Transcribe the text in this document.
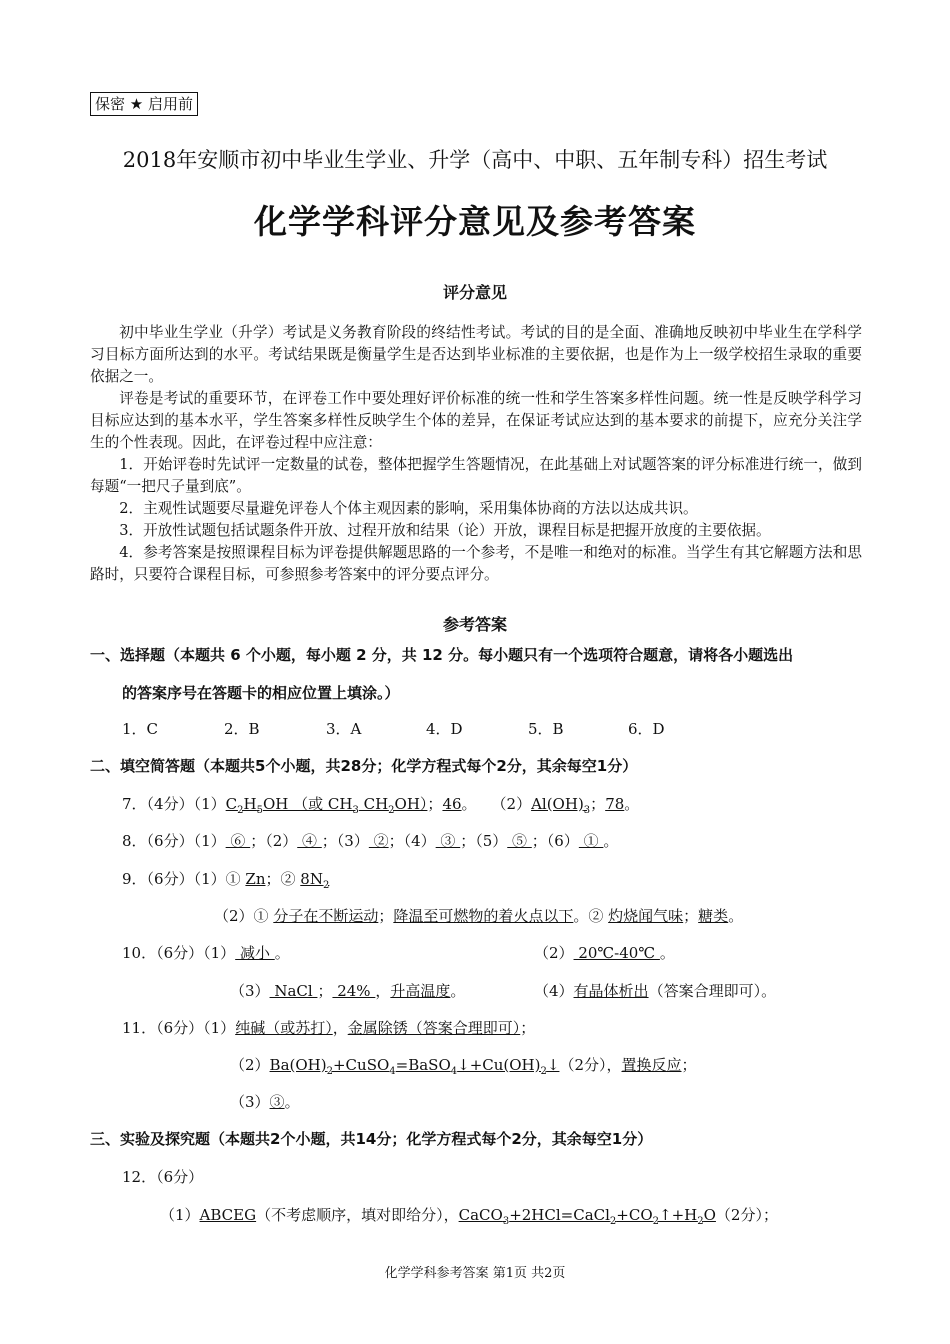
保密 ★ 启用前
2018年安顺市初中毕业生学业、升学（高中、中职、五年制专科）招生考试
化学学科评分意见及参考答案
评分意见

初中毕业生学业（升学）考试是义务教育阶段的终结性考试。考试的目的是全面、准确地反映初中毕业生在学科学习目标方面所达到的水平。考试结果既是衡量学生是否达到毕业标准的主要依据，也是作为上一级学校招生录取的重要依据之一。

评卷是考试的重要环节，在评卷工作中要处理好评价标准的统一性和学生答案多样性问题。统一性是反映学科学习目标应达到的基本水平，学生答案多样性反映学生个体的差异，在保证考试应达到的基本要求的前提下，应充分关注学生的个性表现。因此，在评卷过程中应注意：

1．开始评卷时先试评一定数量的试卷，整体把握学生答题情况，在此基础上对试题答案的评分标准进行统一，做到每题“一把尺子量到底”。

2．主观性试题要尽量避免评卷人个体主观因素的影响，采用集体协商的方法以达成共识。

3．开放性试题包括试题条件开放、过程开放和结果（论）开放，课程目标是把握开放度的主要依据。

4．参考答案是按照课程目标为评卷提供解题思路的一个参考，不是唯一和绝对的标准。当学生有其它解题方法和思路时，只要符合课程目标，可参照参考答案中的评分要点评分。

参考答案
一、选择题（本题共 6 个小题，每小题 2 分，共 12 分。每小题只有一个选项符合题意，请将各小题选出
的答案序号在答题卡的相应位置上填涂。）
1．C	2．B	3．A	4．D	5．B	6．D
二、填空简答题（本题共5个小题，共28分；化学方程式每个2分，其余每空1分）
7．（4分）$(1)C_2H_5OH$ （或 $CH_3$ $CH_2OH$）；46。　　$(2)Al(OH)_3$；78。
8．（6分）（1） ⑥ ；（2） ④ ；（3） ②；（4） ③ ；（5） ⑤ ；（6） ① 。
9．（6分）（1）① Zn；② $8N_2$
（2）① 分子在不断运动；降温至可燃物的着火点以下。② 灼烧闻气味；糖类。
10．（6分）（1） 减小 。	（2） 20℃-40℃ 。
（3） NaCl ； 24% ，升高温度。	（4）有晶体析出（答案合理即可）。
11．（6分）（1）纯碱（或苏打），金属除锈（答案合理即可）；
$(2)Ba(OH)_2+CuSO_4=BaSO_4↓+Cu(OH)_2↓(2$分），置换反应；
（3）③。
三、实验及探究题（本题共2个小题，共14分；化学方程式每个2分，其余每空1分）
12．（6分）
（1）ABCEG（不考虑顺序，填对即给分），$CaCO_3+2HCl=CaCl_2+CO_2↑+H_2O(2$分）；
化学学科参考答案 第1页 共2页
